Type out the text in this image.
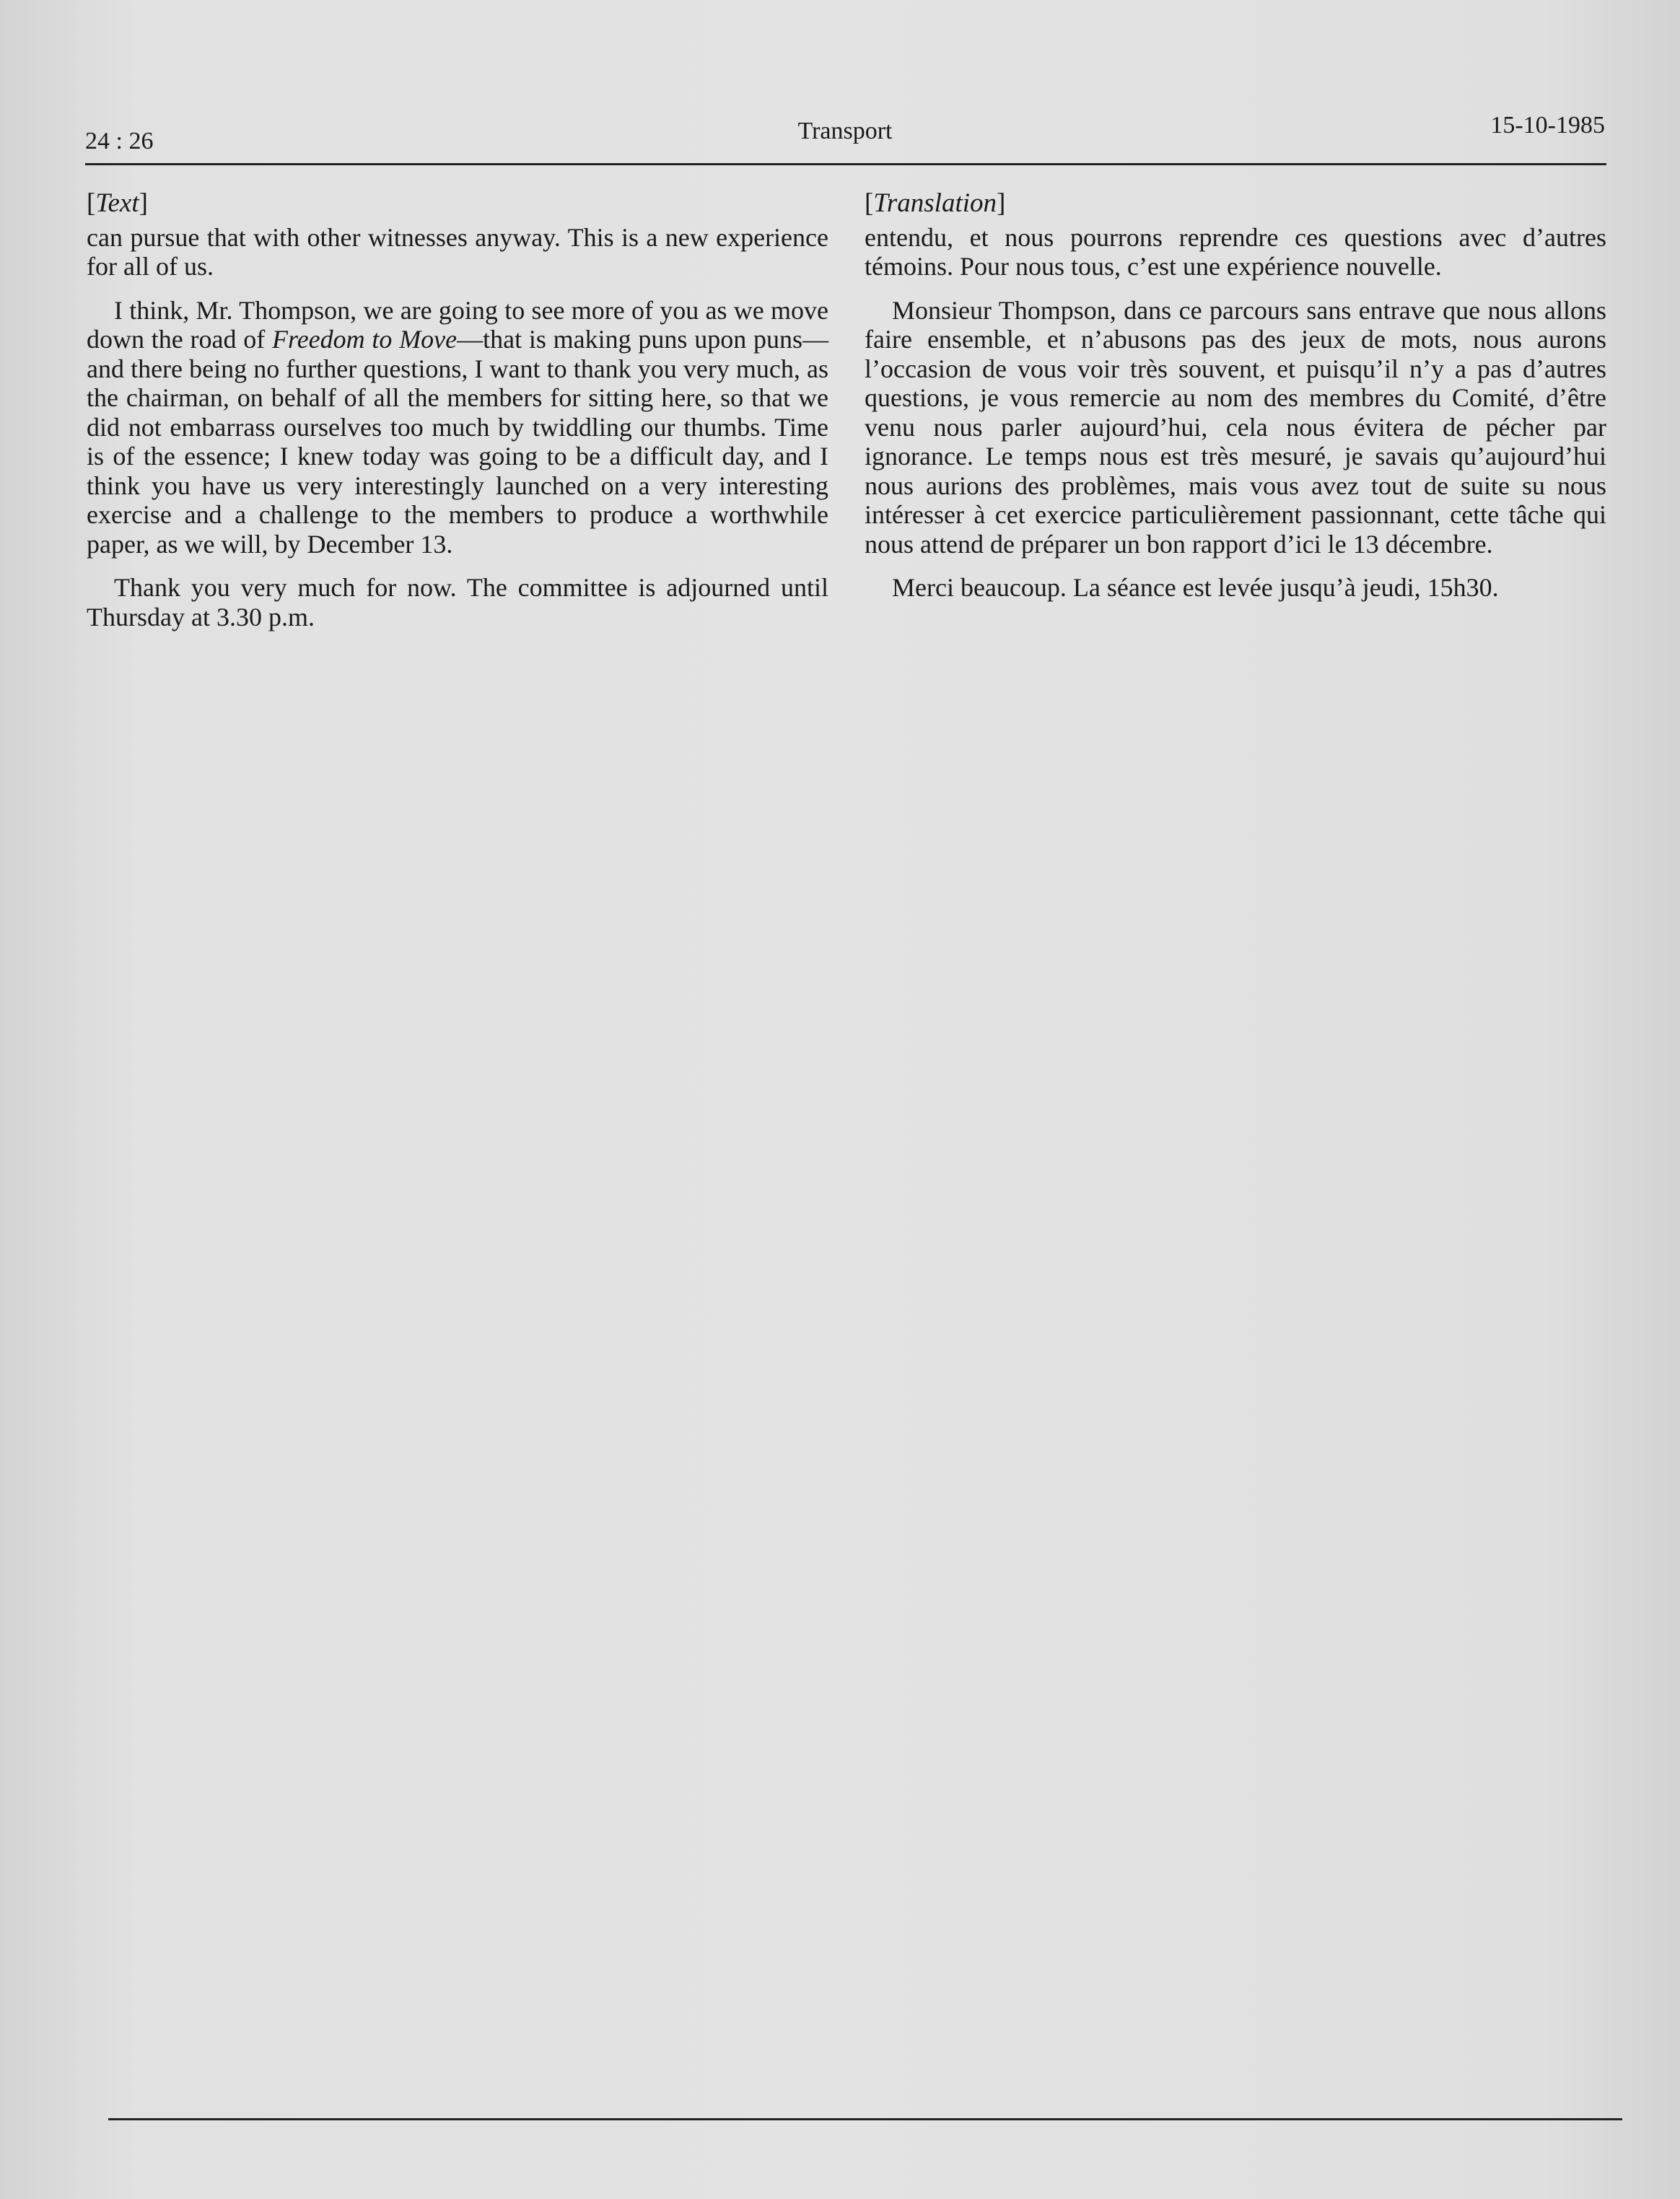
24 : 26	Transport	15-10-1985
[Text]

can pursue that with other witnesses anyway. This is a new experience for all of us.

I think, Mr. Thompson, we are going to see more of you as we move down the road of Freedom to Move—that is making puns upon puns—and there being no further questions, I want to thank you very much, as the chairman, on behalf of all the members for sitting here, so that we did not embarrass ourselves too much by twiddling our thumbs. Time is of the essence; I knew today was going to be a difficult day, and I think you have us very interestingly launched on a very interesting exercise and a challenge to the members to produce a worthwhile paper, as we will, by December 13.

Thank you very much for now. The committee is adjourned until Thursday at 3.30 p.m.

[Translation]

entendu, et nous pourrons reprendre ces questions avec d’autres témoins. Pour nous tous, c’est une expérience nouvelle.

Monsieur Thompson, dans ce parcours sans entrave que nous allons faire ensemble, et n’abusons pas des jeux de mots, nous aurons l’occasion de vous voir très souvent, et puisqu’il n’y a pas d’autres questions, je vous remercie au nom des membres du Comité, d’être venu nous parler aujourd’hui, cela nous évitera de pécher par ignorance. Le temps nous est très mesuré, je savais qu’aujourd’hui nous aurions des problèmes, mais vous avez tout de suite su nous intéresser à cet exercice particulièrement passionnant, cette tâche qui nous attend de préparer un bon rapport d’ici le 13 décembre.

Merci beaucoup. La séance est levée jusqu’à jeudi, 15h30.
